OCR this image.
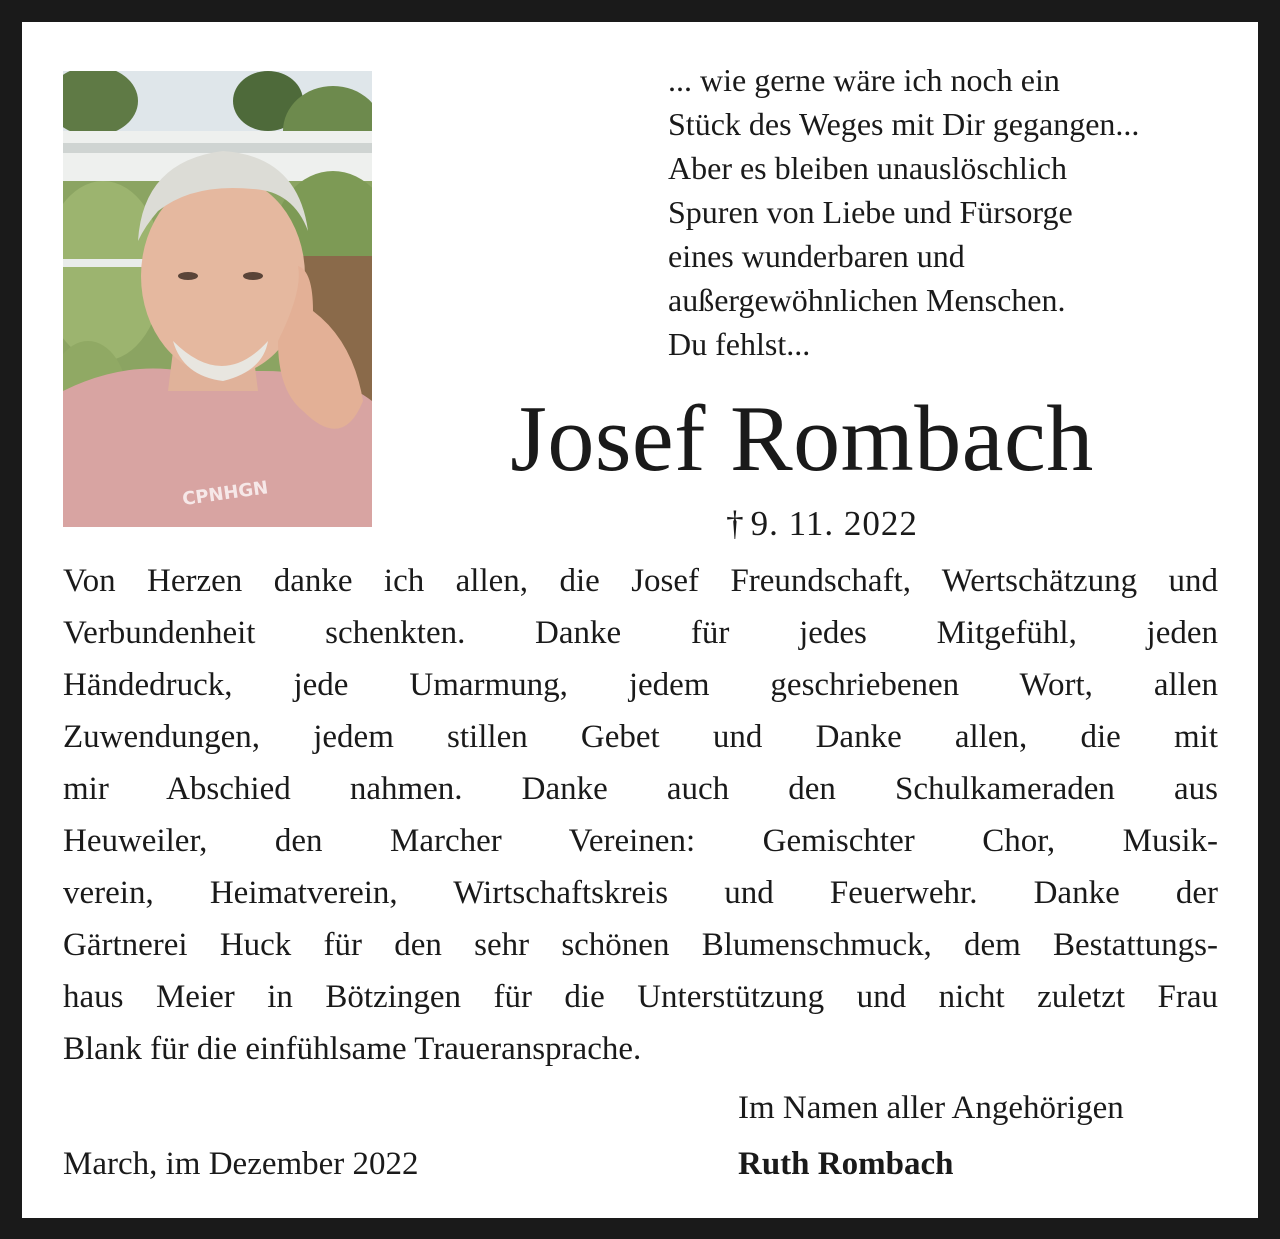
CPNHGN
... wie gerne wäre ich noch ein
Stück des Weges mit Dir gegangen...
Aber es bleiben unauslöschlich
Spuren von Liebe und Fürsorge
eines wunderbaren und
außergewöhnlichen Menschen.
Du fehlst...
Josef Rombach
† 9. 11. 2022
Von Herzen danke ich allen, die Josef Freundschaft, Wertschätzung und
Verbundenheit schenkten. Danke für jedes Mitgefühl, jeden
Händedruck, jede Umarmung, jedem geschriebenen Wort, allen
Zuwendungen, jedem stillen Gebet und Danke allen, die mit
mir Abschied nahmen. Danke auch den Schulkameraden aus
Heuweiler, den Marcher Vereinen: Gemischter Chor, Musik-
verein, Heimatverein, Wirtschaftskreis und Feuerwehr. Danke der
Gärtnerei Huck für den sehr schönen Blumenschmuck, dem Bestattungs-
haus Meier in Bötzingen für die Unterstützung und nicht zuletzt Frau
Blank für die einfühlsame Traueransprache.
Im Namen aller Angehörigen
Ruth Rombach
March, im Dezember 2022
